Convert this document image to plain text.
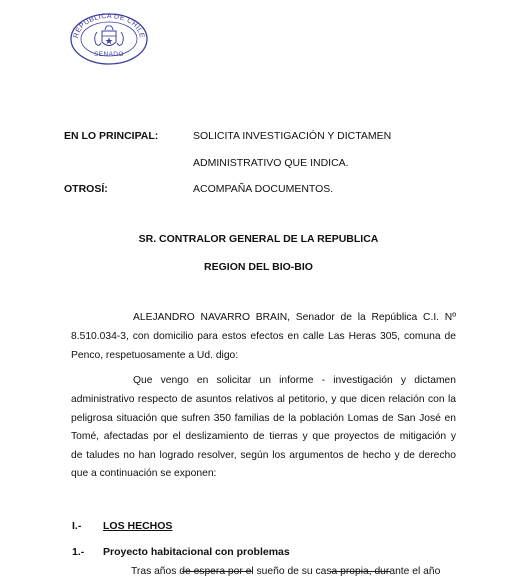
REPUBLICA DE CHILE
SENADO
EN LO PRINCIPAL:	SOLICITA INVESTIGACIÓN Y DICTAMEN
ADMINISTRATIVO QUE INDICA.
OTROSÍ:	ACOMPAÑA DOCUMENTOS.
SR. CONTRALOR GENERAL DE LA REPUBLICA
REGION DEL BIO-BIO
ALEJANDRO NAVARRO BRAIN, Senador de la República C.I. Nº
8.510.034-3, con domicilio para estos efectos en calle Las Heras 305, comuna de
Penco, respetuosamente a Ud. digo:
Que vengo en solicitar un informe - investigación y dictamen
administrativo respecto de asuntos relativos al petitorio, y que dicen relación con la
peligrosa situación que sufren 350 familias de la población Lomas de San José en
Tomé, afectadas por el deslizamiento de tierras y que proyectos de mitigación y
de taludes no han logrado resolver, según los argumentos de hecho y de derecho
que a continuación se exponen:
I.- LOS HECHOS
1.- Proyecto habitacional con problemas
Tras años de espera por el sueño de su casa propia, durante el año
